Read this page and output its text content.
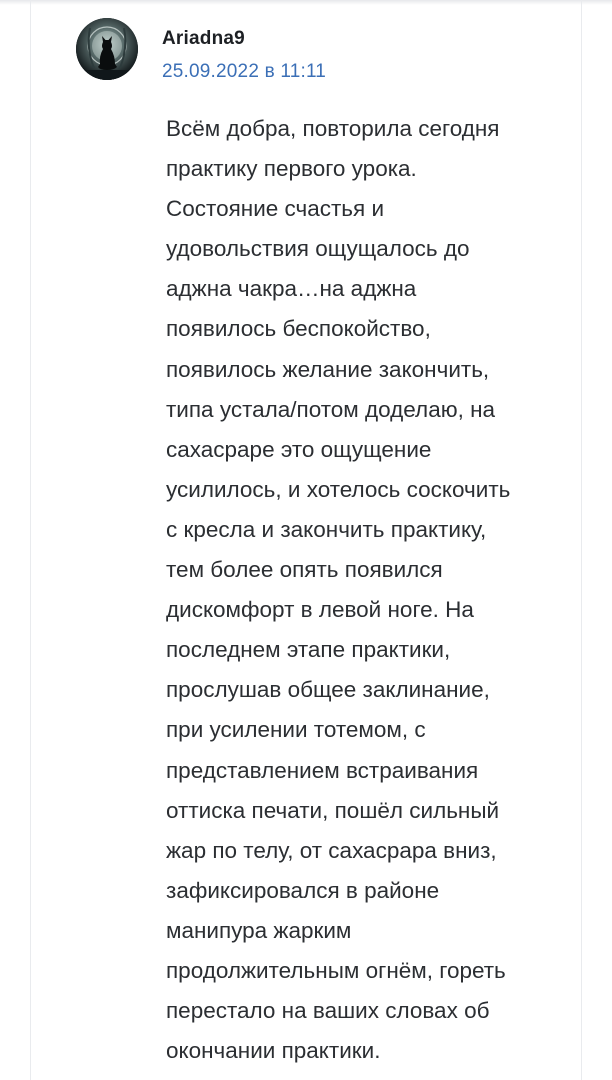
Ariadna9
25.09.2022 в 11:11

Всём добра, повторила сегодня
практику первого урока.
Состояние счастья и
удовольствия ощущалось до
аджна чакра…на аджна
появилось беспокойство,
появилось желание закончить,
типа устала/потом доделаю, на
сахасраре это ощущение
усилилось, и хотелось соскочить
с кресла и закончить практику,
тем более опять появился
дискомфорт в левой ноге. На
последнем этапе практики,
прослушав общее заклинание,
при усилении тотемом, с
представлением встраивания
оттиска печати, пошёл сильный
жар по телу, от сахасрара вниз,
зафиксировался в районе
манипура жарким
продолжительным огнём, гореть
перестало на ваших словах об
окончании практики.
